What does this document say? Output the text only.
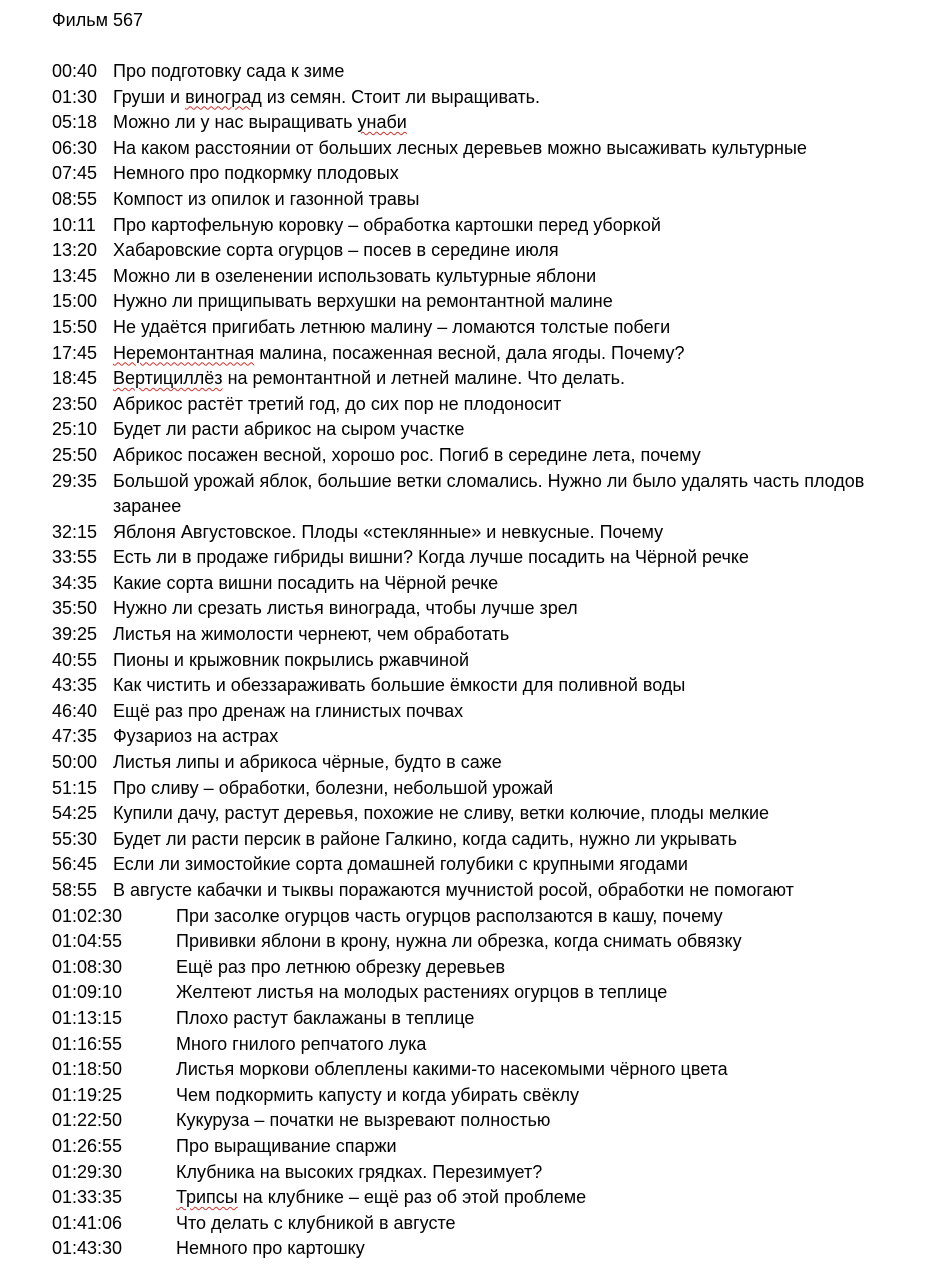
Фильм 567
00:40 Про подготовку сада к зиме
01:30 Груши и виноград из семян. Стоит ли выращивать.
05:18 Можно ли у нас выращивать унаби
06:30 На каком расстоянии от больших лесных деревьев можно высаживать культурные
07:45 Немного про подкормку плодовых
08:55 Компост из опилок и газонной травы
10:11 Про картофельную коровку – обработка картошки перед уборкой
13:20 Хабаровские сорта огурцов – посев в середине июля
13:45 Можно ли в озеленении использовать культурные яблони
15:00 Нужно ли прищипывать верхушки на ремонтантной малине
15:50 Не удаётся пригибать летнюю малину – ломаются толстые побеги
17:45 Неремонтантная малина, посаженная весной, дала ягоды. Почему?
18:45 Вертициллёз на ремонтантной и летней малине. Что делать.
23:50 Абрикос растёт третий год, до сих пор не плодоносит
25:10 Будет ли расти абрикос на сыром участке
25:50 Абрикос посажен весной, хорошо рос. Погиб в середине лета, почему
29:35 Большой урожай яблок, большие ветки сломались. Нужно ли было удалять часть плодов заранее
32:15 Яблоня Августовское. Плоды «стеклянные» и невкусные. Почему
33:55 Есть ли в продаже гибриды вишни? Когда лучше посадить на Чёрной речке
34:35 Какие сорта вишни посадить на Чёрной речке
35:50 Нужно ли срезать листья винограда, чтобы лучше зрел
39:25 Листья на жимолости чернеют, чем обработать
40:55 Пионы и крыжовник покрылись ржавчиной
43:35 Как чистить и обеззараживать большие ёмкости для поливной воды
46:40 Ещё раз про дренаж на глинистых почвах
47:35 Фузариоз на астрах
50:00 Листья липы и абрикоса чёрные, будто в саже
51:15 Про сливу – обработки, болезни, небольшой урожай
54:25 Купили дачу, растут деревья, похожие не сливу, ветки колючие, плоды мелкие
55:30 Будет ли расти персик в районе Галкино, когда садить, нужно ли укрывать
56:45 Если ли зимостойкие сорта домашней голубики с крупными ягодами
58:55 В августе кабачки и тыквы поражаются мучнистой росой, обработки не помогают
01:02:30	При засолке огурцов часть огурцов расползаются в кашу, почему
01:04:55	Прививки яблони в крону, нужна ли обрезка, когда снимать обвязку
01:08:30	Ещё раз про летнюю обрезку деревьев
01:09:10	Желтеют листья на молодых растениях огурцов в теплице
01:13:15	Плохо растут баклажаны в теплице
01:16:55	Много гнилого репчатого лука
01:18:50	Листья моркови облеплены какими-то насекомыми чёрного цвета
01:19:25	Чем подкормить капусту и когда убирать свёклу
01:22:50	Кукуруза – початки не вызревают полностью
01:26:55	Про выращивание спаржи
01:29:30	Клубника на высоких грядках. Перезимует?
01:33:35	Трипсы на клубнике – ещё раз об этой проблеме
01:41:06	Что делать с клубникой в августе
01:43:30	Немного про картошку
